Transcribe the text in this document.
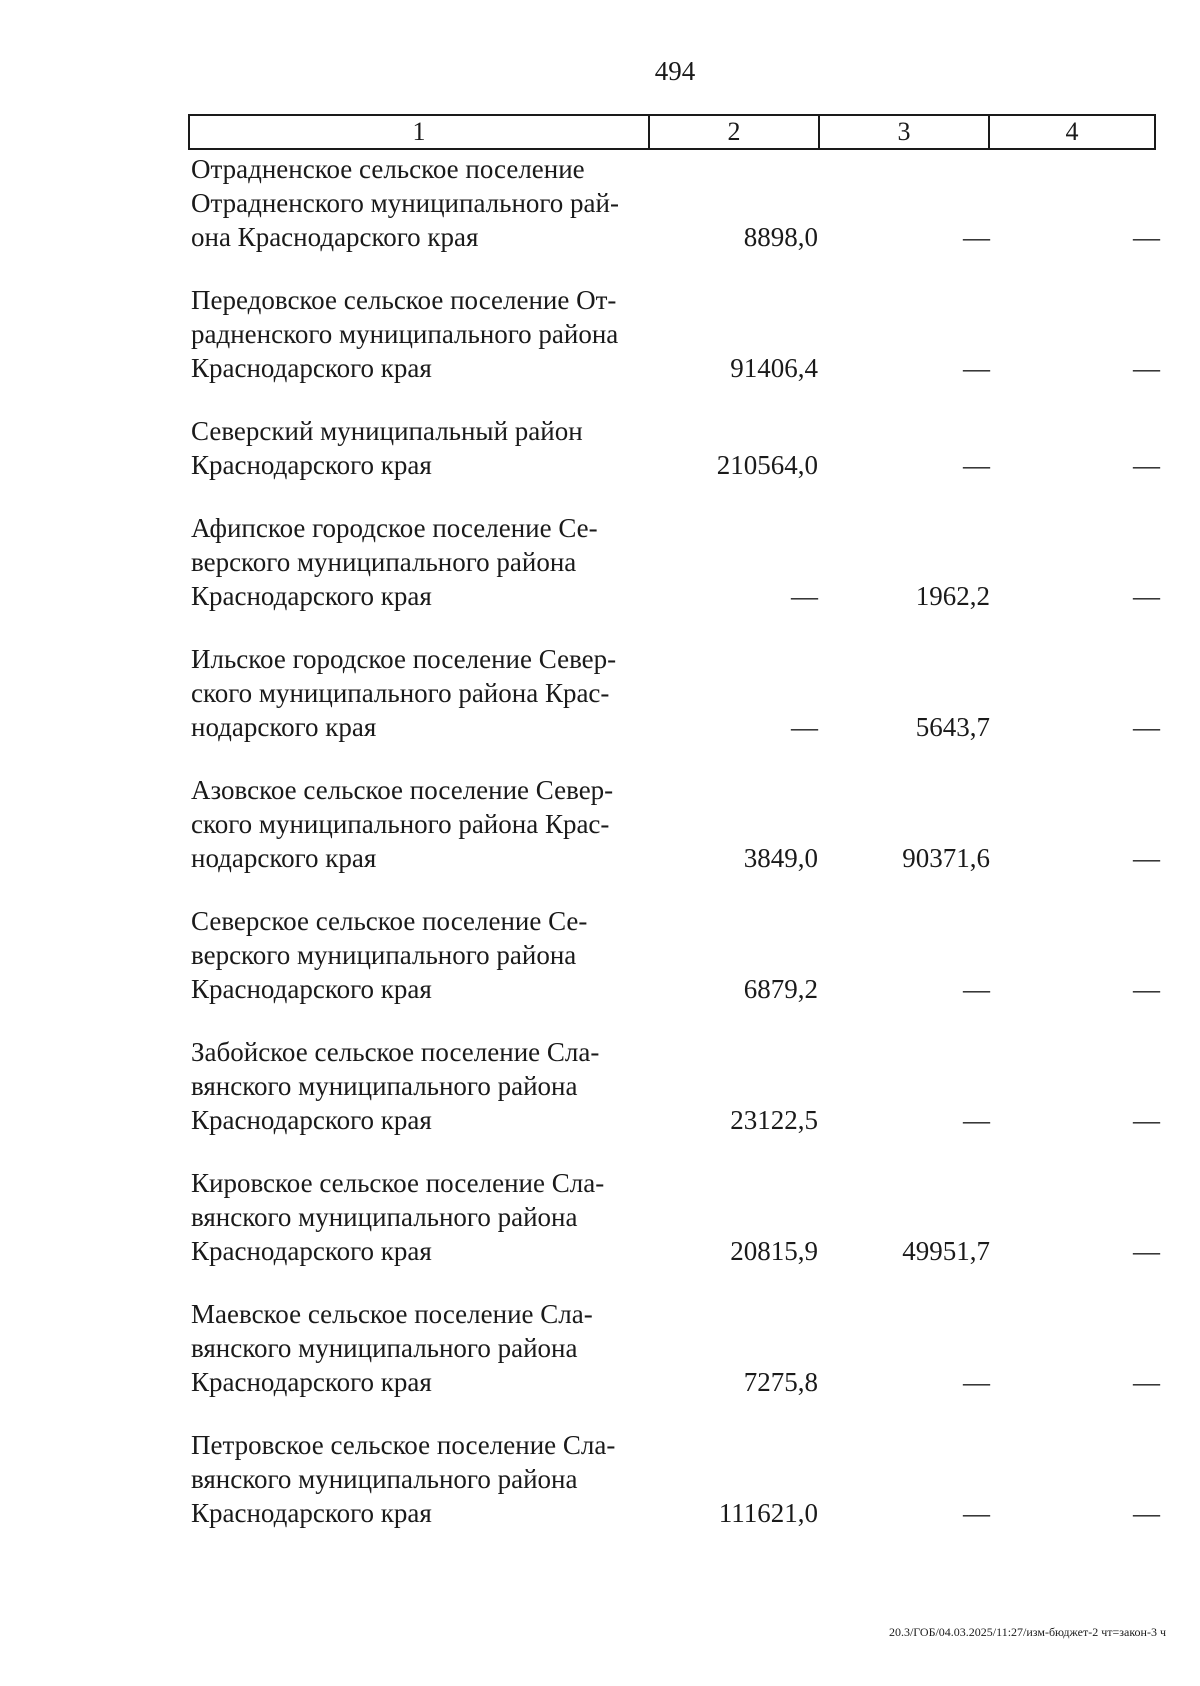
494
1	2	3	4
Отрадненское сельское поселение
Отрадненского муниципального рай-
она Краснодарского края	8898,0	—	—
Передовское сельское поселение От-
радненского муниципального района
Краснодарского края	91406,4	—	—
Северский муниципальный район
Краснодарского края	210564,0	—	—
Афипское городское поселение Се-
верского муниципального района
Краснодарского края	—	1962,2	—
Ильское городское поселение Север-
ского муниципального района Крас-
нодарского края	—	5643,7	—
Азовское сельское поселение Север-
ского муниципального района Крас-
нодарского края	3849,0	90371,6	—
Северское сельское поселение Се-
верского муниципального района
Краснодарского края	6879,2	—	—
Забойское сельское поселение Сла-
вянского муниципального района
Краснодарского края	23122,5	—	—
Кировское сельское поселение Сла-
вянского муниципального района
Краснодарского края	20815,9	49951,7	—
Маевское сельское поселение Сла-
вянского муниципального района
Краснодарского края	7275,8	—	—
Петровское сельское поселение Сла-
вянского муниципального района
Краснодарского края	111621,0	—	—
20.3/ГОБ/04.03.2025/11:27/изм-бюджет-2 чт=закон-3 ч
